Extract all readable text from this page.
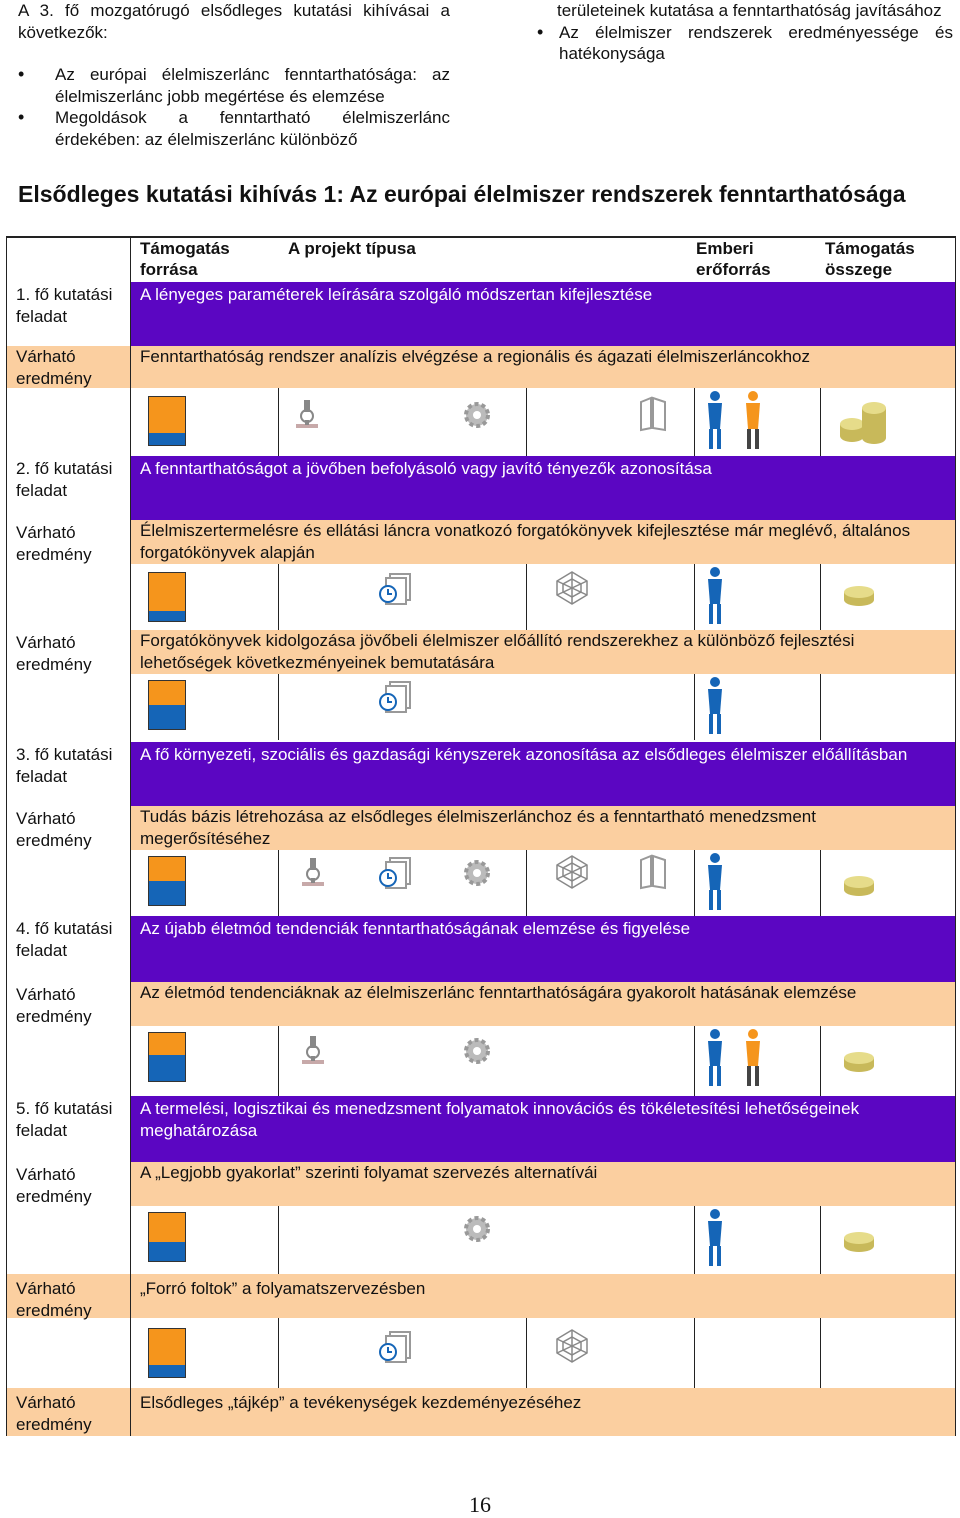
A 3. fő mozgatórugó elsődleges kutatási kihívásai a következők:

• Az európai élelmiszerlánc fenntarthatósága: az élelmiszerlánc jobb megértése és elemzése
• Megoldások a fenntartható élelmiszerlánc érdekében: az élelmiszerlánc különböző

területeinek kutatása a fenntarthatóság javításához

• Az élelmiszer rendszerek eredményessége és hatékonysága
Elsődleges kutatási kihívás 1: Az európai élelmiszer rendszerek fenntarthatósága
Támogatás forrása
A projekt típusa	Emberi erőforrás
Támogatás összege
1. fő kutatási feladat
A lényeges paraméterek leírására szolgáló módszertan kifejlesztése
Várható eredmény
Fenntarthatóság rendszer analízis elvégzése a regionális és ágazati élelmiszerláncokhoz
2. fő kutatási feladat
A fenntarthatóságot a jövőben befolyásoló vagy javító tényezők azonosítása
Várható eredmény
Élelmiszertermelésre és ellátási láncra vonatkozó forgatókönyvek kifejlesztése már meglévő, általános forgatókönyvek alapján
Várható eredmény
Forgatókönyvek kidolgozása jövőbeli élelmiszer előállító rendszerekhez a különböző fejlesztési lehetőségek következményeinek bemutatására
3. fő kutatási feladat
A fő környezeti, szociális és gazdasági kényszerek azonosítása az elsődleges élelmiszer előállításban
Várható eredmény
Tudás bázis létrehozása az elsődleges élelmiszerlánchoz és a fenntartható menedzsment megerősítéséhez
4. fő kutatási feladat
Az újabb életmód tendenciák fenntarthatóságának elemzése és figyelése
Várható eredmény
Az életmód tendenciáknak az élelmiszerlánc fenntarthatóságára gyakorolt hatásának elemzése
5. fő kutatási feladat
A termelési, logisztikai és menedzsment folyamatok innovációs és tökéletesítési lehetőségeinek meghatározása
Várható eredmény
A „Legjobb gyakorlat” szerinti folyamat szervezés alternatívái
Várható eredmény
„Forró foltok” a folyamatszervezésben
Várható eredmény
Elsődleges „tájkép” a tevékenységek kezdeményezéséhez
16
